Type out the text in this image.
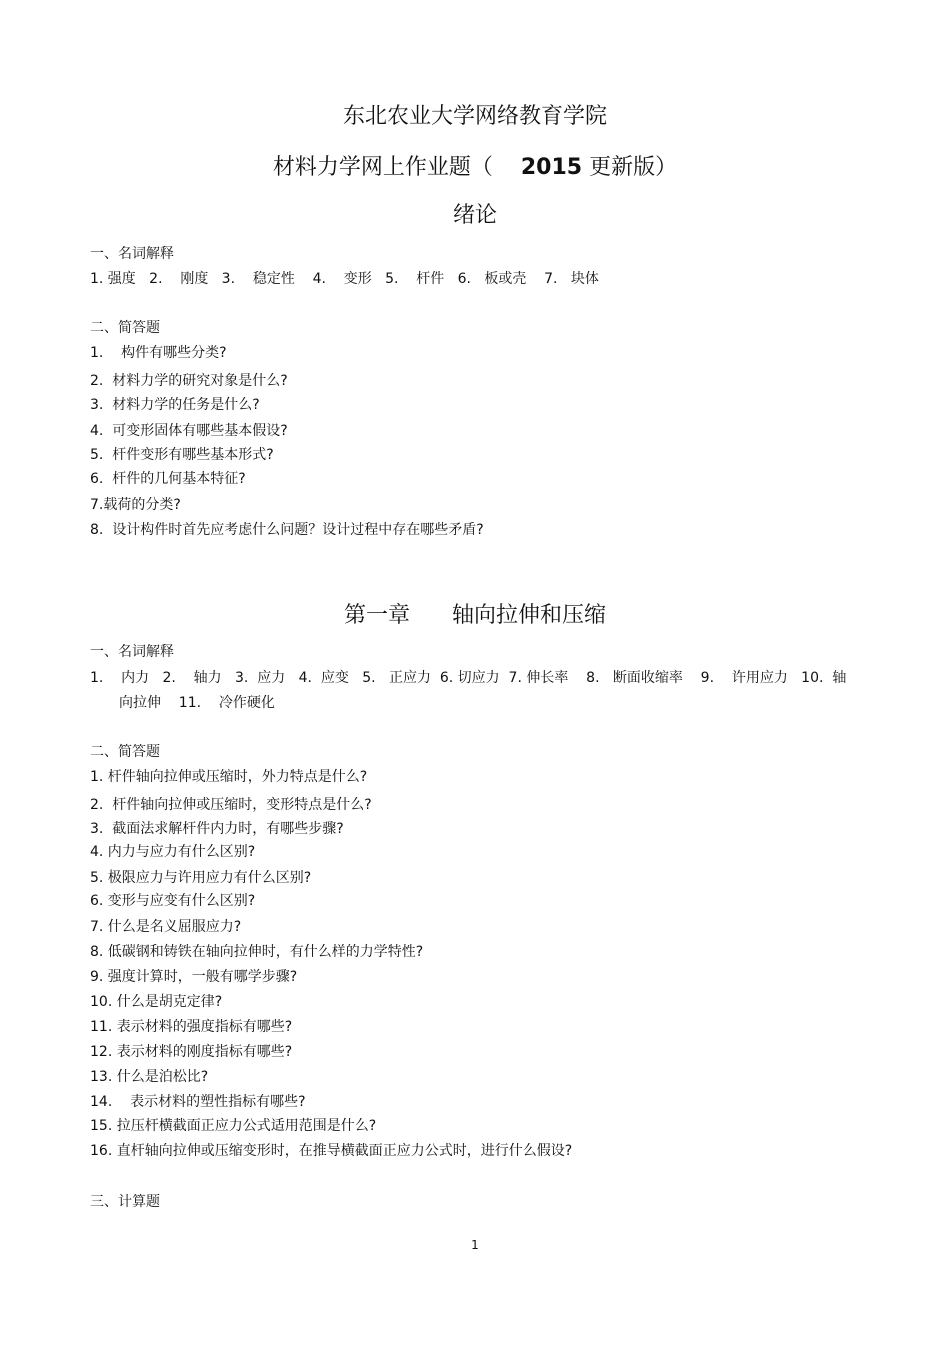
东北农业大学网络教育学院
材料力学网上作业题（ 2015 更新版）
绪论
一、名词解释
1. 强度   2.    刚度   3.    稳定性    4.    变形   5.    杆件   6.   板或壳    7.   块体
二、简答题
1.    构件有哪些分类?
2.  材料力学的研究对象是什么?
3.  材料力学的任务是什么?
4.  可变形固体有哪些基本假设?
5.  杆件变形有哪些基本形式?
6.  杆件的几何基本特征?
7.载荷的分类?
8.  设计构件时首先应考虑什么问题？设计过程中存在哪些矛盾?
第一章      轴向拉伸和压缩
一、名词解释
1.    内力   2.    轴力   3.  应力   4.  应变   5.   正应力  6. 切应力  7. 伸长率    8.   断面收缩率    9.    许用应力   10.  轴
向拉伸    11.    冷作硬化
二、简答题
1. 杆件轴向拉伸或压缩时，外力特点是什么?
2.  杆件轴向拉伸或压缩时，变形特点是什么?
3.  截面法求解杆件内力时，有哪些步骤?
4. 内力与应力有什么区别?
5. 极限应力与许用应力有什么区别?
6. 变形与应变有什么区别?
7. 什么是名义屈服应力?
8. 低碳钢和铸铁在轴向拉伸时，有什么样的力学特性?
9. 强度计算时，一般有哪学步骤?
10. 什么是胡克定律?
11. 表示材料的强度指标有哪些?
12. 表示材料的刚度指标有哪些?
13. 什么是泊松比?
14.    表示材料的塑性指标有哪些?
15. 拉压杆横截面正应力公式适用范围是什么?
16. 直杆轴向拉伸或压缩变形时，在推导横截面正应力公式时，进行什么假设?
三、计算题
1
